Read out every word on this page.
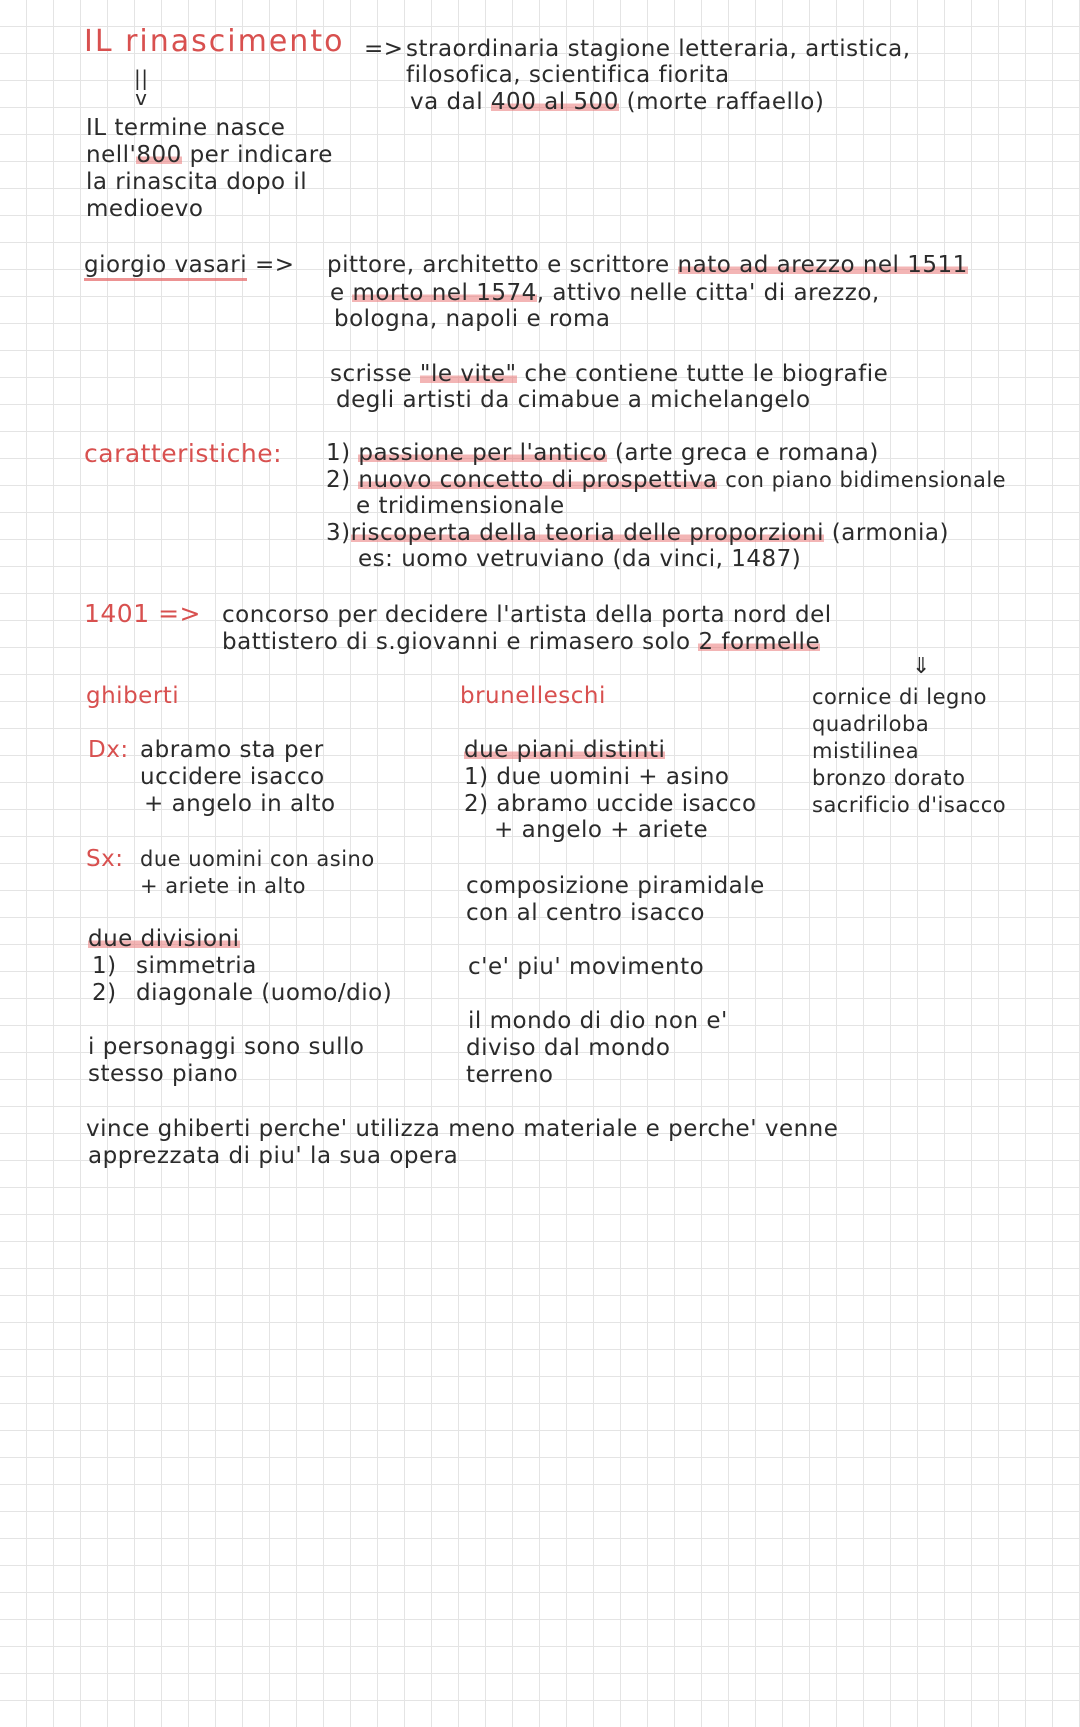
IL rinascimento => straordinaria stagione letteraria, artistica,
filosofica, scientifica fiorita
va dal 400 al 500 (morte raffaello)
||
v
IL termine nasce
nell'800 per indicare
la rinascita dopo il
medioevo
giorgio vasari => pittore, architetto e scrittore nato ad arezzo nel 1511
e morto nel 1574, attivo nelle citta' di arezzo,
bologna, napoli e roma
scrisse "le vite" che contiene tutte le biografie
degli artisti da cimabue a michelangelo
caratteristiche: 1) passione per l'antico (arte greca e romana)
2) nuovo concetto di prospettiva con piano bidimensionale
e tridimensionale
3)riscoperta della teoria delle proporzioni (armonia)
es: uomo vetruviano (da vinci, 1487)
1401 => concorso per decidere l'artista della porta nord del
battistero di s.giovanni e rimasero solo 2 formelle
⇓
ghiberti
Dx: abramo sta per
uccidere isacco
+ angelo in alto
Sx: due uomini con asino
+ ariete in alto
due divisioni
1) simmetria
2) diagonale (uomo/dio)
i personaggi sono sullo
stesso piano
brunelleschi
due piani distinti
1) due uomini + asino
2) abramo uccide isacco
+ angelo + ariete
composizione piramidale
con al centro isacco
c'e' piu' movimento
il mondo di dio non e'
diviso dal mondo
terreno
cornice di legno
quadriloba
mistilinea
bronzo dorato
sacrificio d'isacco
vince ghiberti perche' utilizza meno materiale e perche' venne
apprezzata di piu' la sua opera
